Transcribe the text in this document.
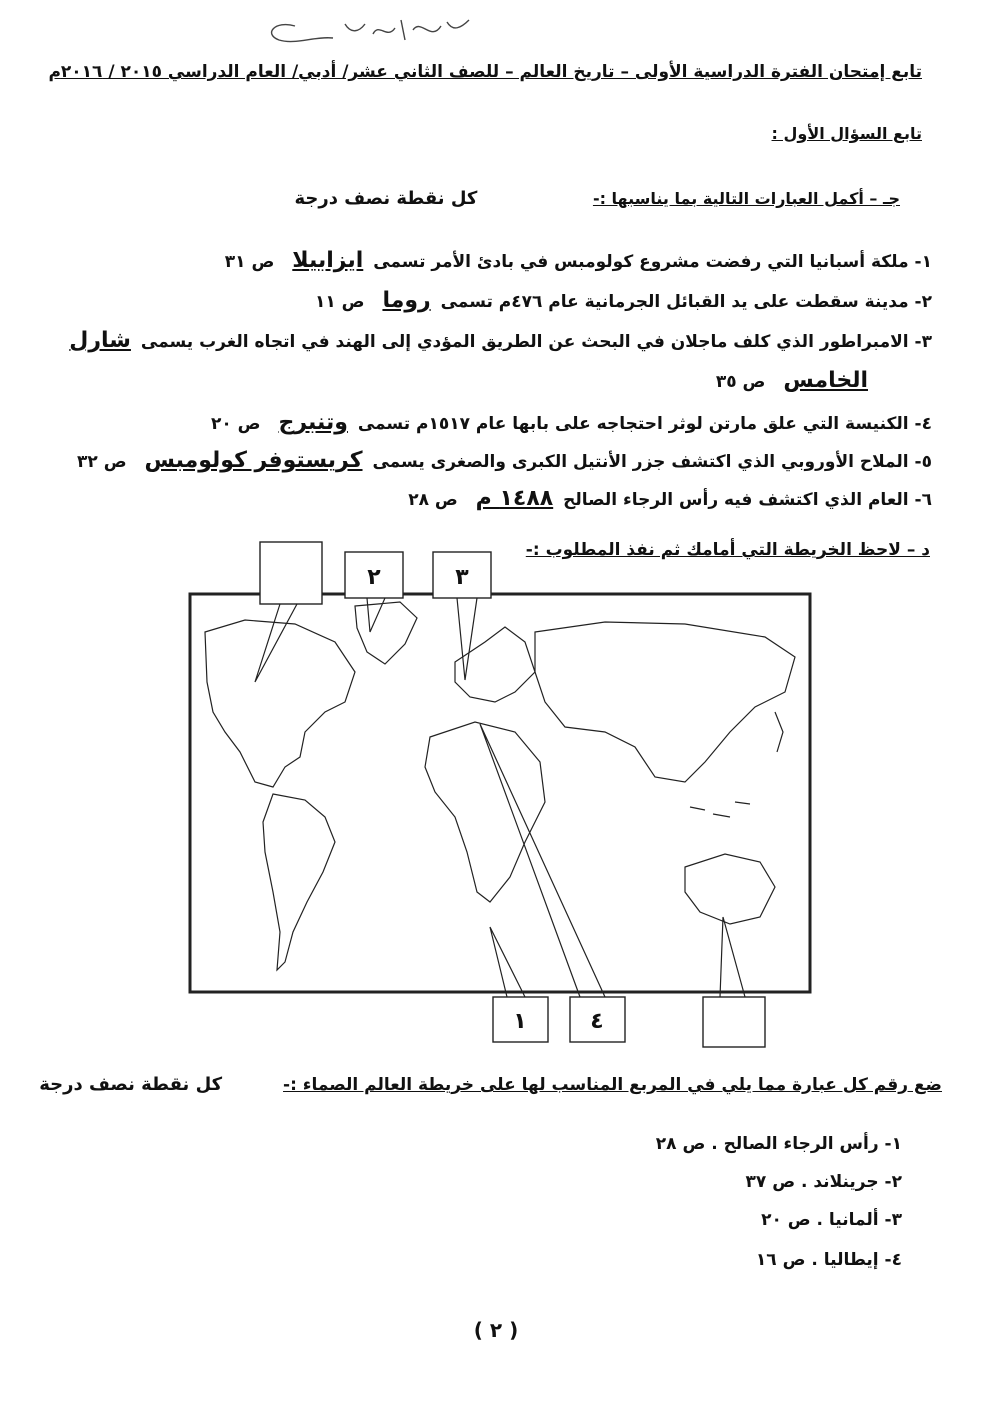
تابع إمتحان الفترة الدراسية الأولى – تاريخ العالم – للصف الثاني عشر/ أدبي/ العام الدراسي ٢٠١٥ / ٢٠١٦م
تابع السؤال الأول :
جـ – أكمل العبارات التالية بما يناسبها :- كل نقطة نصف درجة
١- ملكة أسبانيا التي رفضت مشروع كولومبس في بادئ الأمر تسمى ايزابيلا ص ٣١
٢- مدينة سقطت على يد القبائل الجرمانية عام ٤٧٦م تسمى روما ص ١١
٣- الامبراطور الذي كلف ماجلان في البحث عن الطريق المؤدي إلى الهند في اتجاه الغرب يسمى شارل
الخامس ص ٣٥
٤- الكنيسة التي علق مارتن لوثر احتجاجه على بابها عام ١٥١٧م تسمى وتنبرج ص ٢٠
٥- الملاح الأوروبي الذي اكتشف جزر الأنتيل الكبرى والصغرى يسمى كريستوفر كولومبس ص ٣٢
٦- العام الذي اكتشف فيه رأس الرجاء الصالح ١٤٨٨ م ص ٢٨
د – لاحظ الخريطة التي أمامك ثم نفذ المطلوب :-
٢	٣
١	٤
ضع رقم كل عبارة مما يلي في المربع المناسب لها على خريطة العالم الصماء :- كل نقطة نصف درجة
١- رأس الرجاء الصالح . ص ٢٨
٢- جرينلاند . ص ٣٧
٣- ألمانيا . ص ٢٠
٤- إيطاليا . ص ١٦
( ٢ )
